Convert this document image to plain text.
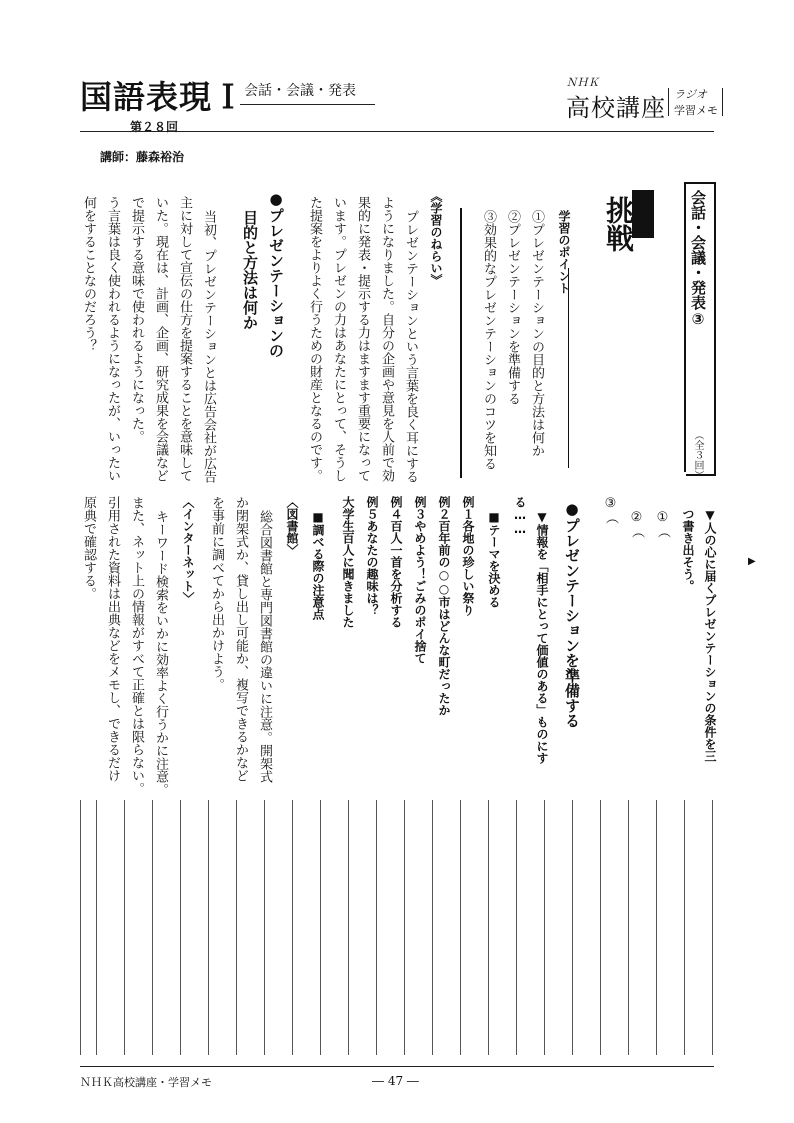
国語表現Ｉ
会話・会議・発表
第２８回
講師：藤森裕治
ＮＨＫ
高校講座 ラジオ
学習メモ
会話・会議・発表③
（全３回）
挑戦
学習のポイント
①プレゼンテーションの目的と方法は何か
②プレゼンテーションを準備する
③効果的なプレゼンテーションのコツを知る
《学習のねらい》
プレゼンテーションという言葉を良く耳にする
ようになりました。自分の企画や意見を人前で効
果的に発表・提示する力はますます重要になって
います。プレゼンの力はあなたにとって、そうし
た提案をよりよく行うための財産となるのです。
●プレゼンテーションの
目的と方法は何か
当初、プレゼンテーションとは広告会社が広告
主に対して宣伝の仕方を提案することを意味して
いた。現在は、計画、企画、研究成果を会議など
で提示する意味で使われるようになった。
う言葉は良く使われるようになったが、いったい
何をすることなのだろう？
▼人の心に届くプレゼンテーションの条件を三
つ書き出そう。
①（
②（
③（
●プレゼンテーションを準備する
▼情報を「相手にとって価値のある」ものにす
る……
■テーマを決める
例１各地の珍しい祭り
例２百年前の○○市はどんな町だったか
例３やめよう！ごみのポイ捨て
例４百人一首を分析する
例５あなたの趣味は？
大学生百人に聞きました
■調べる際の注意点
〈図書館〉
総合図書館と専門図書館の違いに注意。開架式
か閉架式か、貸し出し可能か、複写できるかなど
を事前に調べてから出かけよう。
〈インターネット〉
キーワード検索をいかに効率よく行うかに注意。
また、ネット上の情報がすべて正確とは限らない。
引用された資料は出典などをメモし、できるだけ
原典で確認する。	▶
ＮＨＫ高校講座・学習メモ	― 47 ―
